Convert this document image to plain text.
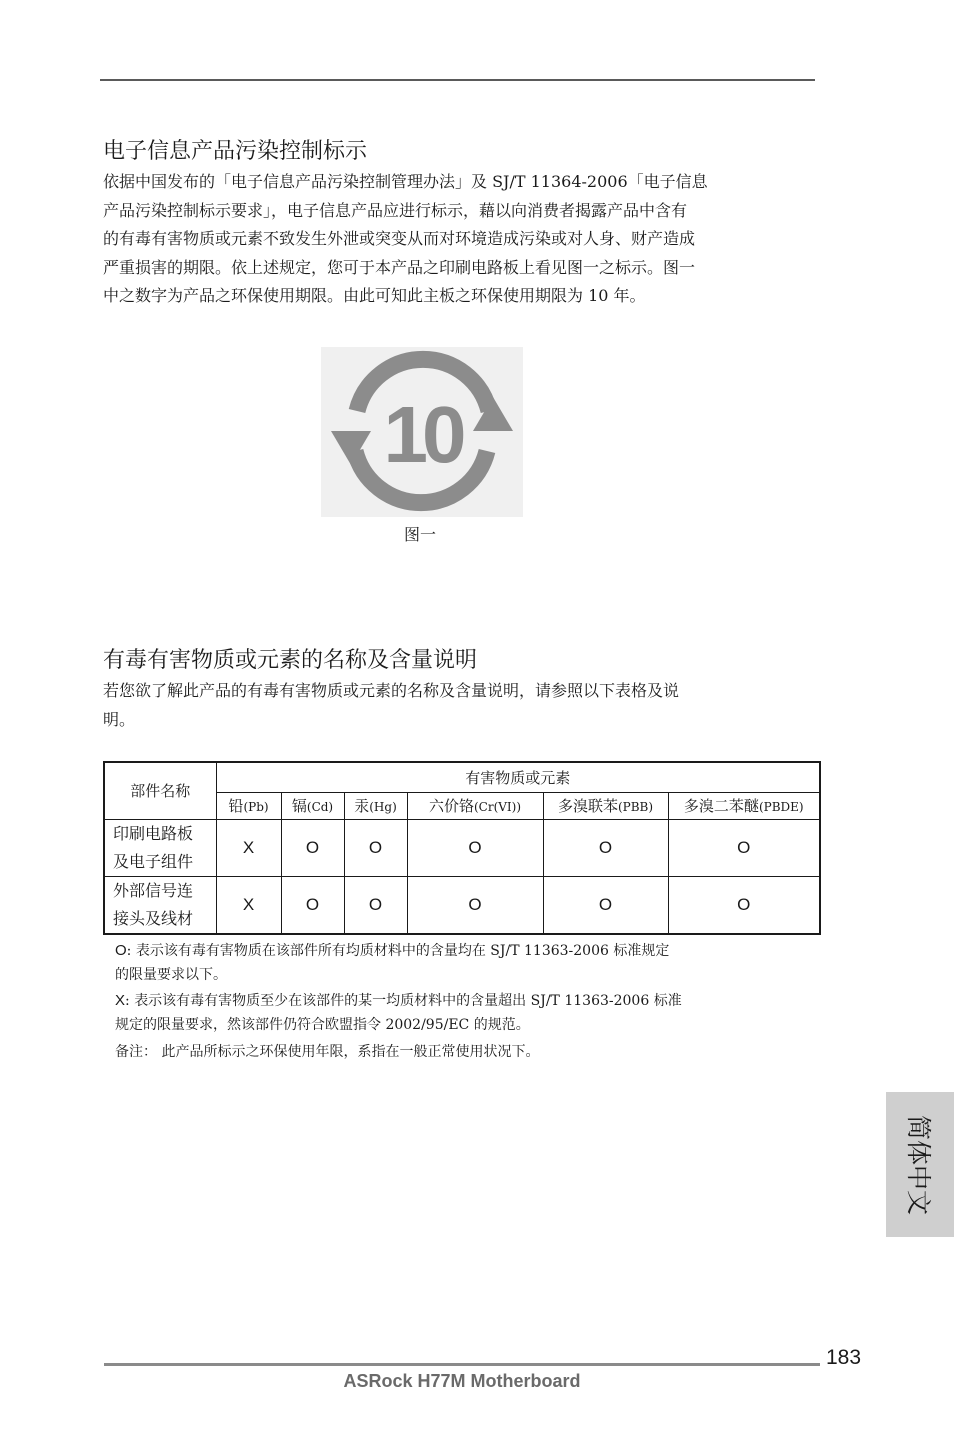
电子信息产品污染控制标示
依据中国发布的「电子信息产品污染控制管理办法」及 SJ/T 11364-2006「电子信息
产品污染控制标示要求」，电子信息产品应进行标示，藉以向消费者揭露产品中含有
的有毒有害物质或元素不致发生外泄或突变从而对环境造成污染或对人身、财产造成
严重损害的期限。依上述规定，您可于本产品之印刷电路板上看见图一之标示。图一
中之数字为产品之环保使用期限。由此可知此主板之环保使用期限为 10 年。
10
图一
有毒有害物质或元素的名称及含量说明
若您欲了解此产品的有毒有害物质或元素的名称及含量说明，请参照以下表格及说
明。
部件名称	有害物质或元素					
	铅(Pb)	镉(Cd)	汞(Hg)	六价铬(Cr(VI))	多溴联苯(PBB)	多溴二苯醚(PBDE)

印刷电路板
及电子组件	X	O	O	O	O	O

外部信号连
接头及线材	X	O	O	O	O	O
O: 表示该有毒有害物质在该部件所有均质材料中的含量均在 SJ/T 11363-2006 标准规定
的限量要求以下。
X: 表示该有毒有害物质至少在该部件的某一均质材料中的含量超出 SJ/T 11363-2006 标准
规定的限量要求，然该部件仍符合欧盟指令 2002/95/EC 的规范。
备注： 此产品所标示之环保使用年限，系指在一般正常使用状况下。
简体中文
183
ASRock H77M Motherboard
